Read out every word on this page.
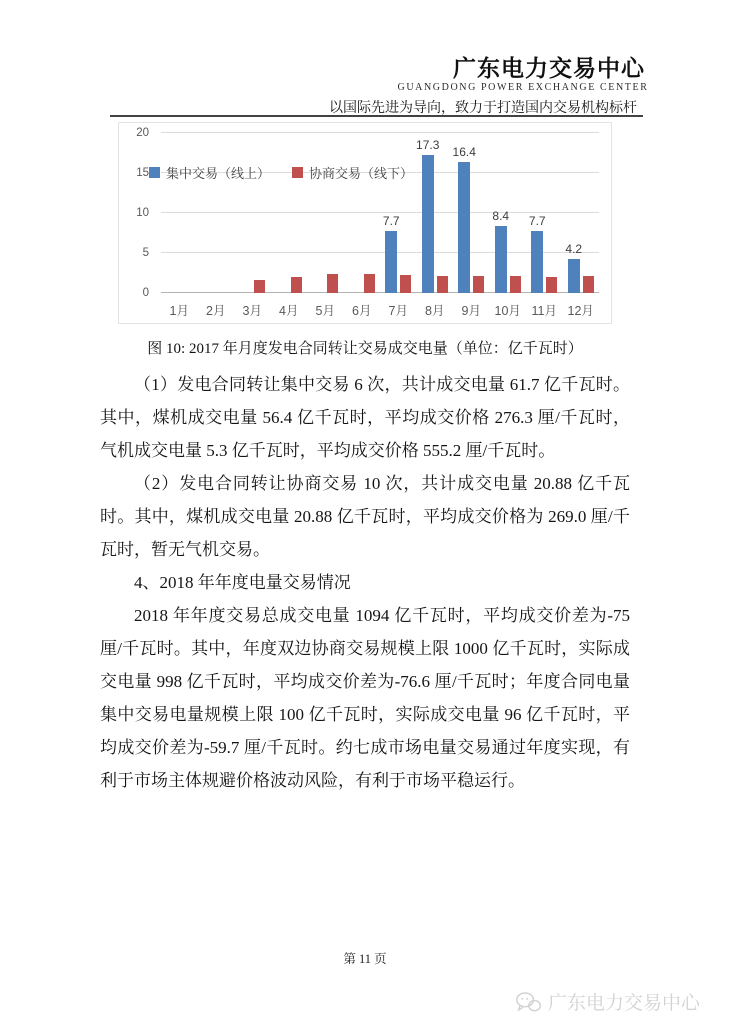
广东电力交易中心
GUANGDONG POWER EXCHANGE CENTER
以国际先进为导向，致力于打造国内交易机构标杆
0
5
10
15
20
1月	2月	3月	4月	5月	6月
7.7
7月
17.3
8月
16.4
9月
8.4
10月
7.7
11月
4.2
12月
集中交易（线上）	协商交易（线下）
图 10: 2017 年月度发电合同转让交易成交电量（单位：亿千瓦时）

（1）发电合同转让集中交易 6 次，共计成交电量 61.7 亿千瓦时。其中，煤机成交电量 56.4 亿千瓦时，平均成交价格 276.3 厘/千瓦时，气机成交电量 5.3 亿千瓦时，平均成交价格 555.2 厘/千瓦时。

（2）发电合同转让协商交易 10 次，共计成交电量 20.88 亿千瓦时。其中，煤机成交电量 20.88 亿千瓦时，平均成交价格为 269.0 厘/千瓦时，暂无气机交易。

4、2018 年年度电量交易情况

2018 年年度交易总成交电量 1094 亿千瓦时，平均成交价差为-75 厘/千瓦时。其中，年度双边协商交易规模上限 1000 亿千瓦时，实际成交电量 998 亿千瓦时，平均成交价差为-76.6 厘/千瓦时；年度合同电量集中交易电量规模上限 100 亿千瓦时，实际成交电量 96 亿千瓦时，平均成交价差为-59.7 厘/千瓦时。约七成市场电量交易通过年度实现，有利于市场主体规避价格波动风险，有利于市场平稳运行。

第 11 页
广东电力交易中心
